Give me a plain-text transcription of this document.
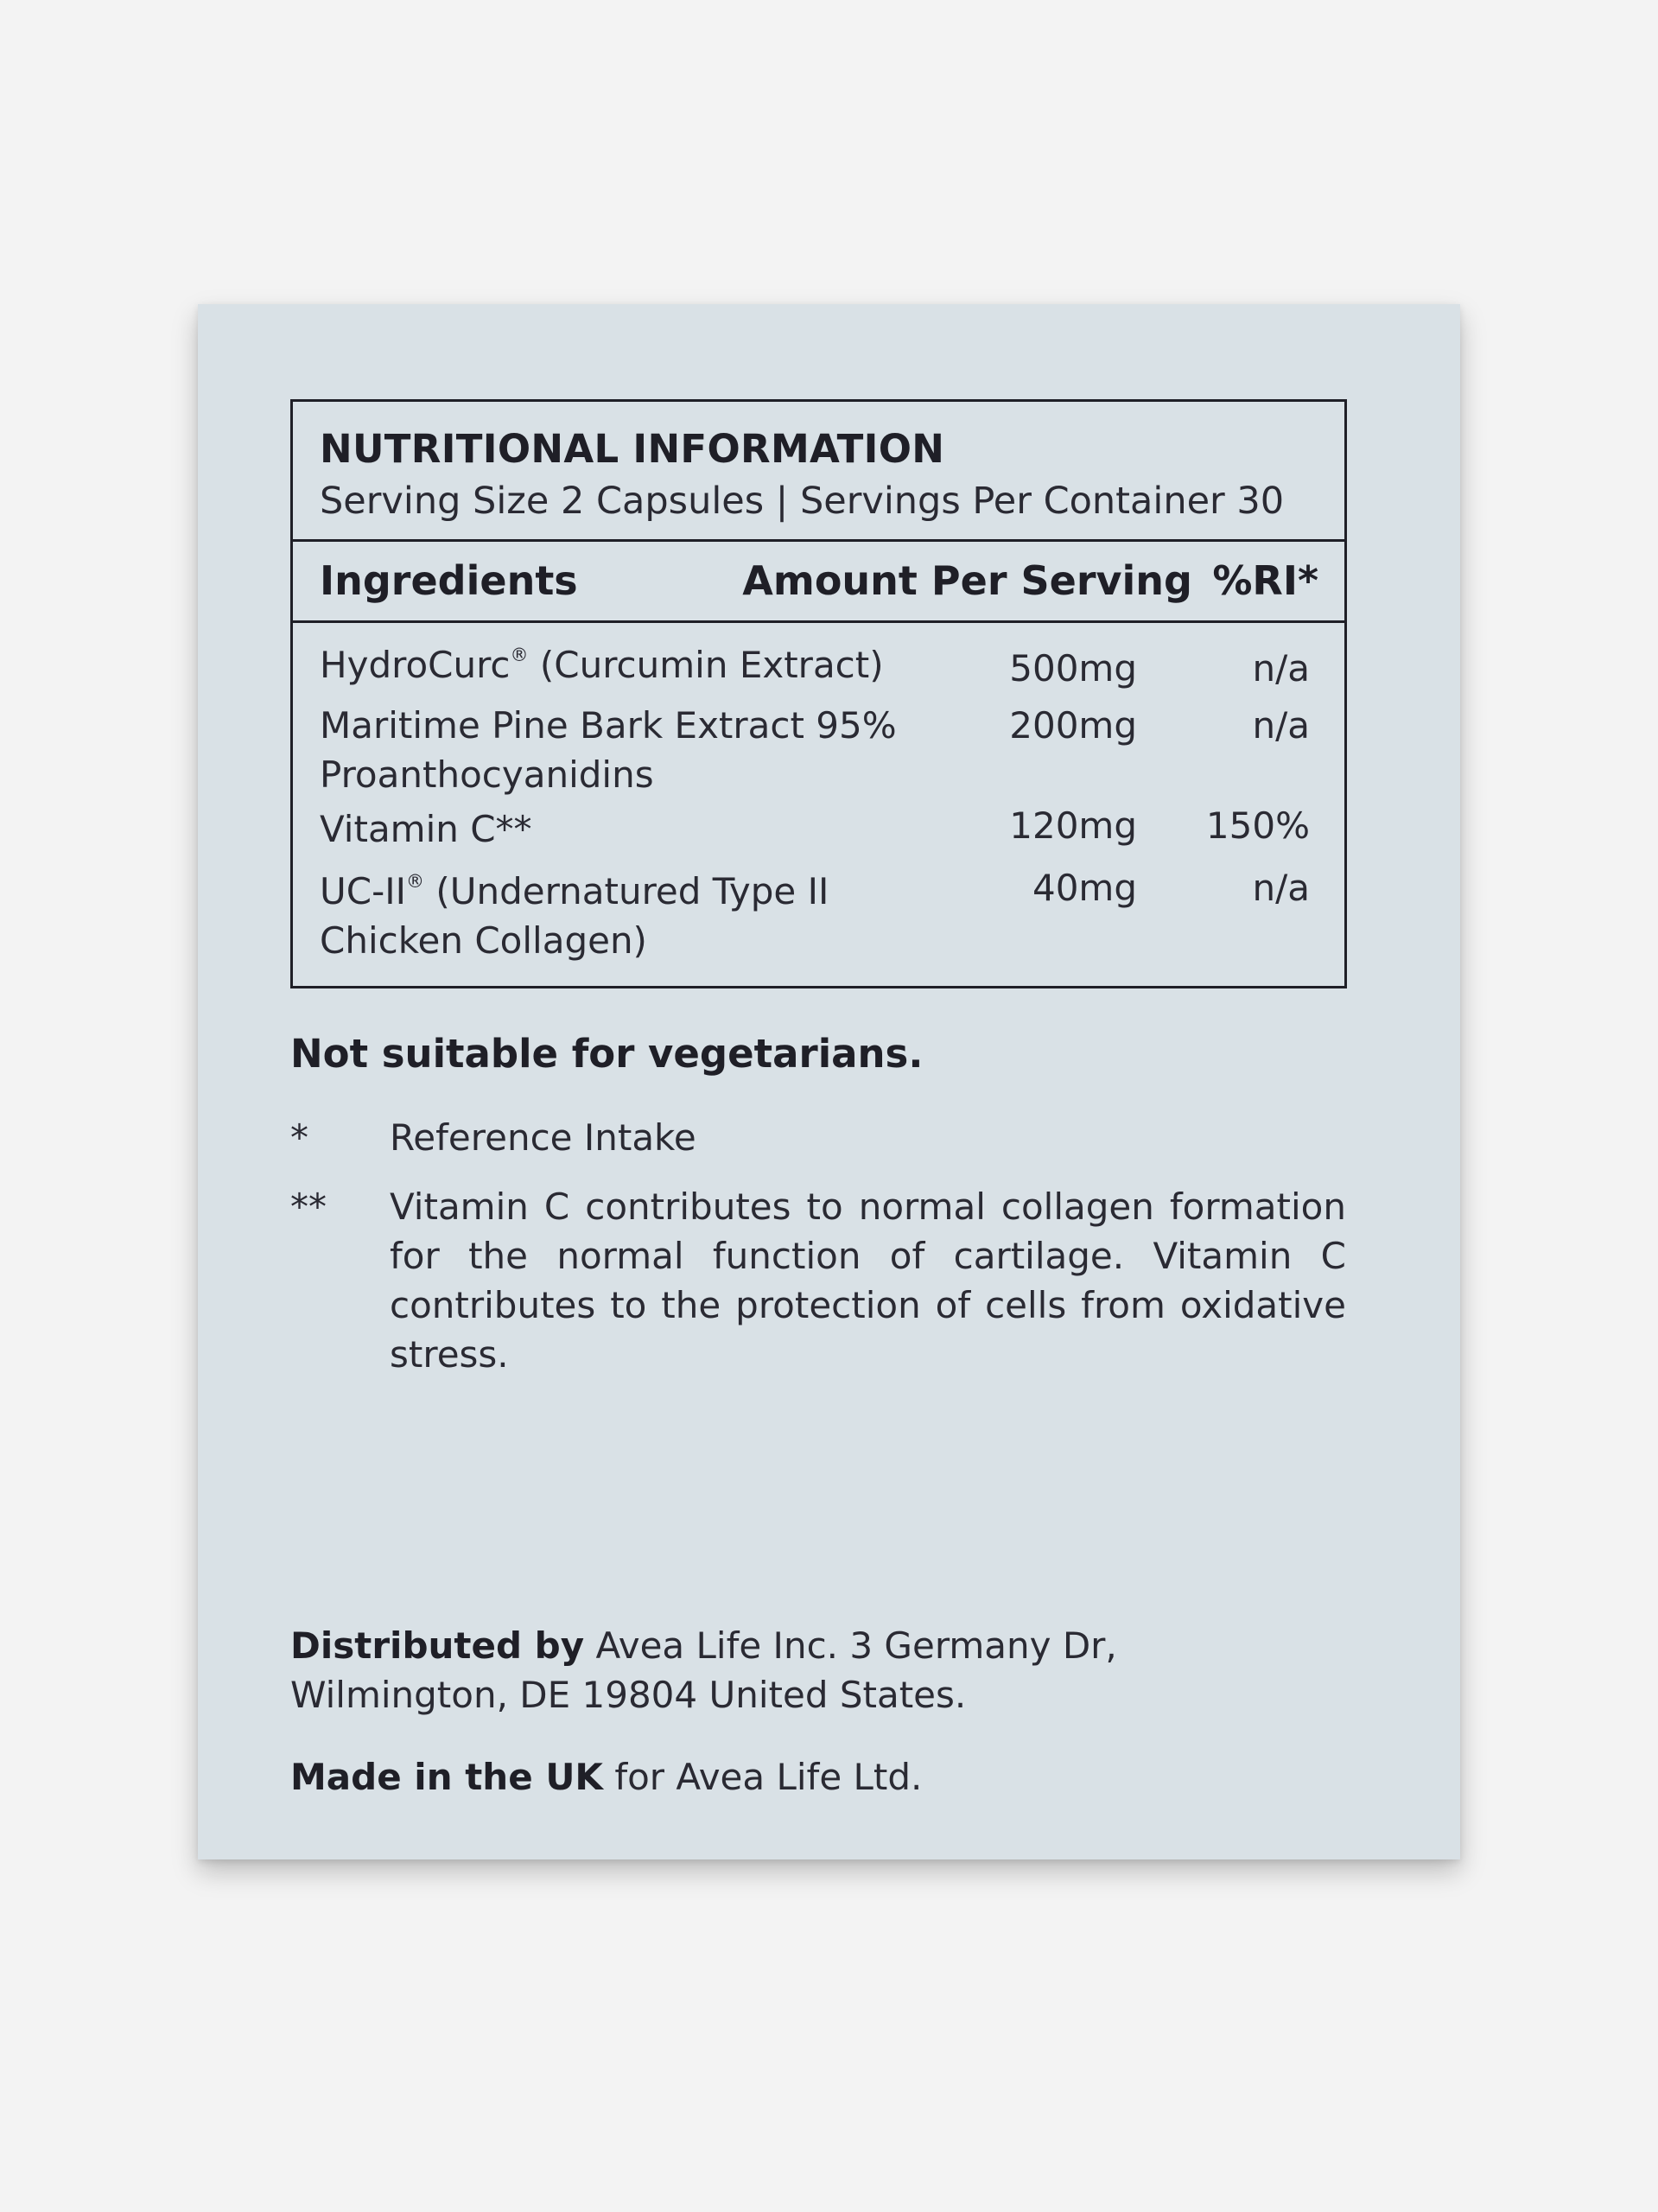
NUTRITIONAL INFORMATION
Serving Size 2 Capsules | Servings Per Container 30
Ingredients	Amount Per Serving %RI*
HydroCurc® (Curcumin Extract)	500mg	n/a
Maritime Pine Bark Extract 95%
Proanthocyanidins
200mg	n/a
Vitamin C**	120mg 150%
UC-II® (Undernatured Type II
Chicken Collagen)
40mg	n/a
Not suitable for vegetarians.
* Reference Intake
** Vitamin C contributes to normal collagen formation for the normal function of cartilage. Vitamin C contributes to the protection of cells from oxidative stress.
Distributed by Avea Life Inc. 3 Germany Dr,
Wilmington, DE 19804 United States.
Made in the UK for Avea Life Ltd.
